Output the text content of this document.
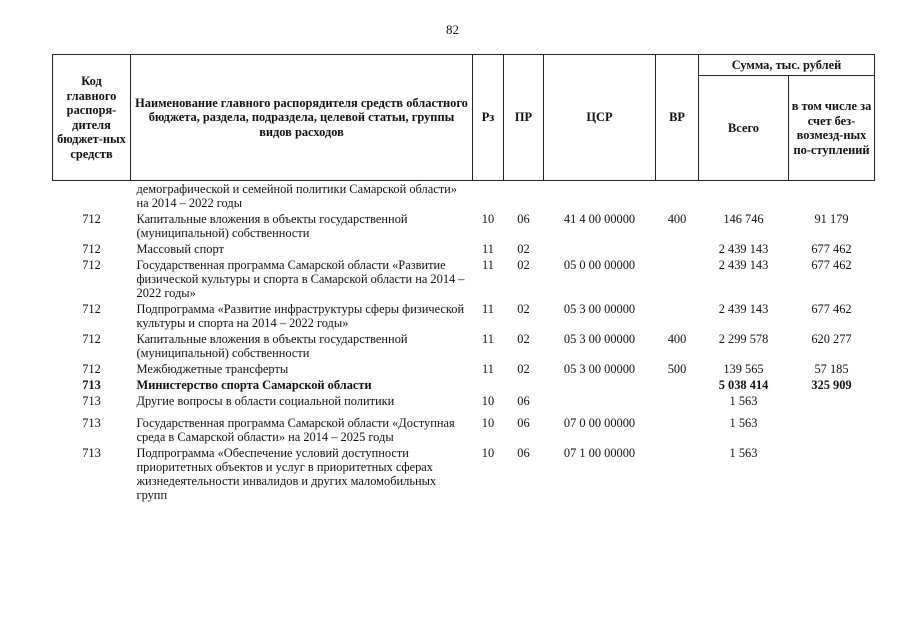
82
Код главного распоря-дителя бюджет-ных средств	Наименование главного распорядителя средств областного бюджета, раздела, подраздела, целевой статьи, группы видов расходов	Рз	ПР	ЦСР	ВР	Сумма, тыс. рублей	
						Всего	в том числе за счет без-возмезд-ных по-ступлений
	демографической и семейной политики Самарской области» на 2014 – 2022 годы						
712	Капитальные вложения в объекты государственной (муниципальной) собственности	10	06	41 4 00 00000	400	146 746	91 179
712	Массовый спорт	11	02			2 439 143	677 462
712	Государственная программа Самарской области «Развитие физической культуры и спорта в Самарской области на 2014 – 2022 годы»	11	02	05 0 00 00000		2 439 143	677 462
712	Подпрограмма «Развитие инфраструктуры сферы физической культуры и спорта на 2014 – 2022 годы»	11	02	05 3 00 00000		2 439 143	677 462
712	Капитальные вложения в объекты государственной (муниципальной) собственности	11	02	05 3 00 00000	400	2 299 578	620 277
712	Межбюджетные трансферты	11	02	05 3 00 00000	500	139 565	57 185
713	Министерство спорта Самарской области					5 038 414	325 909
713	Другие вопросы в области социальной политики	10	06			1 563	
713	Государственная программа Самарской области «Доступная среда в Самарской области» на 2014 – 2025 годы	10	06	07 0 00 00000		1 563	
713	Подпрограмма «Обеспечение условий доступности приоритетных объектов и услуг в приоритетных сферах жизнедеятельности инвалидов и других маломобильных групп	10	06	07 1 00 00000		1 563	
